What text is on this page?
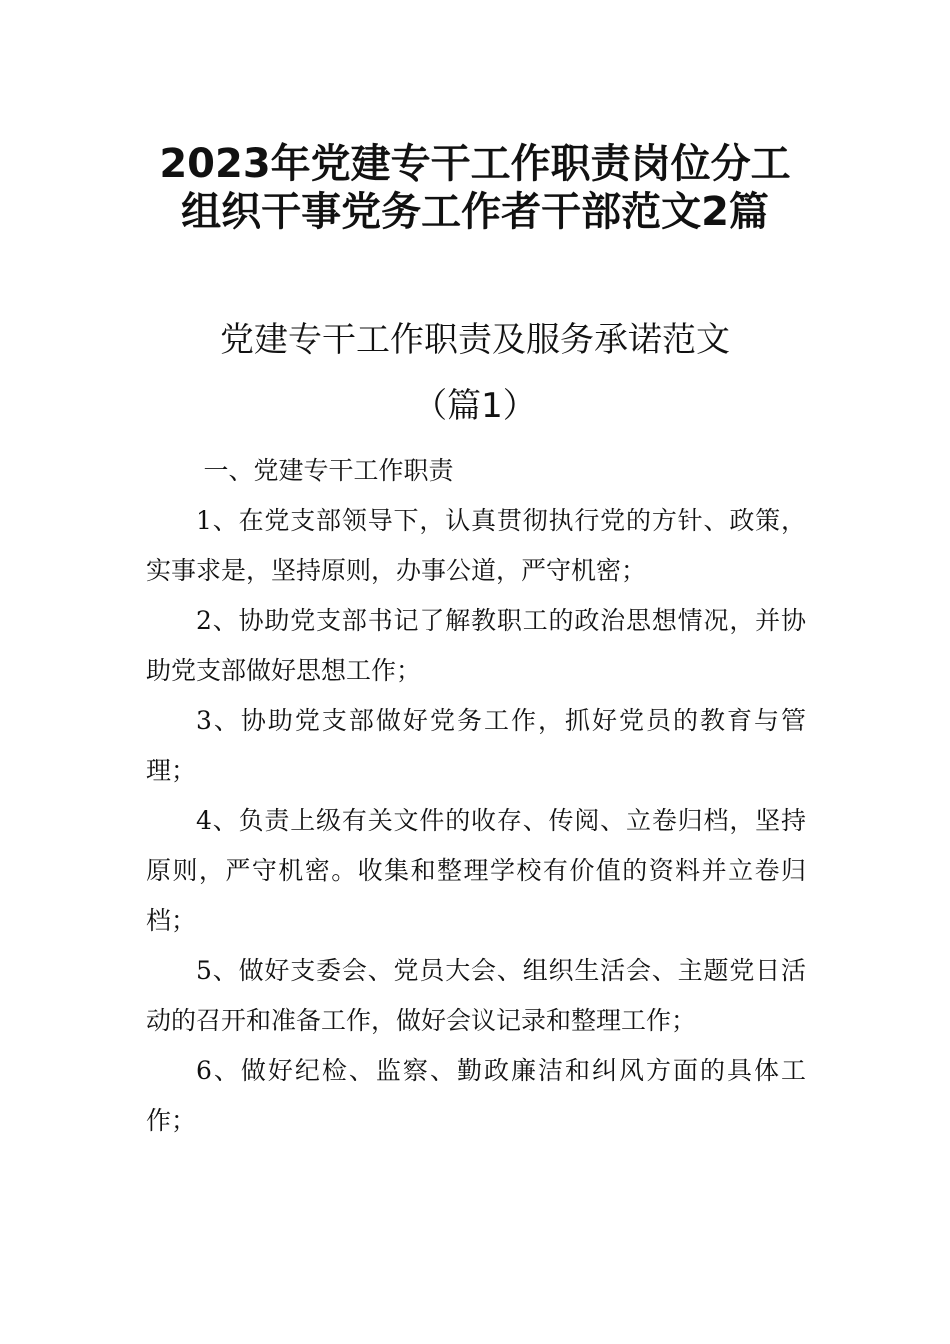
2023年党建专干工作职责岗位分工组织干事党务工作者干部范文2篇
党建专干工作职责及服务承诺范文
（篇1）

一、党建专干工作职责

1、在党支部领导下，认真贯彻执行党的方针、政策，实事求是，坚持原则，办事公道，严守机密；

2、协助党支部书记了解教职工的政治思想情况，并协助党支部做好思想工作；

3、协助党支部做好党务工作，抓好党员的教育与管理；

4、负责上级有关文件的收存、传阅、立卷归档，坚持原则，严守机密。收集和整理学校有价值的资料并立卷归档；

5、做好支委会、党员大会、组织生活会、主题党日活动的召开和准备工作，做好会议记录和整理工作；

6、做好纪检、监察、勤政廉洁和纠风方面的具体工作；
